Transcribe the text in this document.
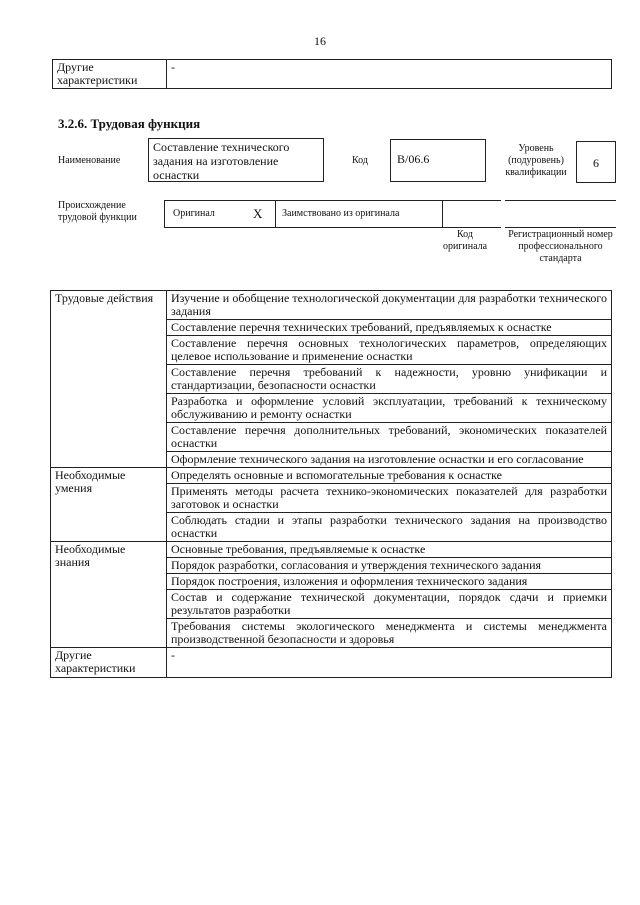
16
Другие характеристики	-
3.2.6. Трудовая функция
Наименование
Составление технического задания на изготовление оснастки
Код	В/06.6
Уровень (подуровень) квалификации
6
Происхождение трудовой функции	Оригинал	X Заимствовано из оригинала
Код оригинала
Регистрационный номер профессионального стандарта
Трудовые действия	Изучение и обобщение технологической документации для разработки технического задания
	Составление перечня технических требований, предъявляемых к оснастке
	Составление перечня основных технологических параметров, определяющих целевое использование и применение оснастки
	Составление перечня требований к надежности, уровню унификации и стандартизации, безопасности оснастки
	Разработка и оформление условий эксплуатации, требований к техническому обслуживанию и ремонту оснастки
	Составление перечня дополнительных требований, экономических показателей оснастки
	Оформление технического задания на изготовление оснастки и его согласование
Необходимые умения	Определять основные и вспомогательные требования к оснастке
	Применять методы расчета технико-экономических показателей для разработки заготовок и оснастки
	Соблюдать стадии и этапы разработки технического задания на производство оснастки
Необходимые знания	Основные требования, предъявляемые к оснастке
	Порядок разработки, согласования и утверждения технического задания
	Порядок построения, изложения и оформления технического задания
	Состав и содержание технической документации, порядок сдачи и приемки результатов разработки
	Требования системы экологического менеджмента и системы менеджмента производственной безопасности и здоровья
Другие характеристики	-
